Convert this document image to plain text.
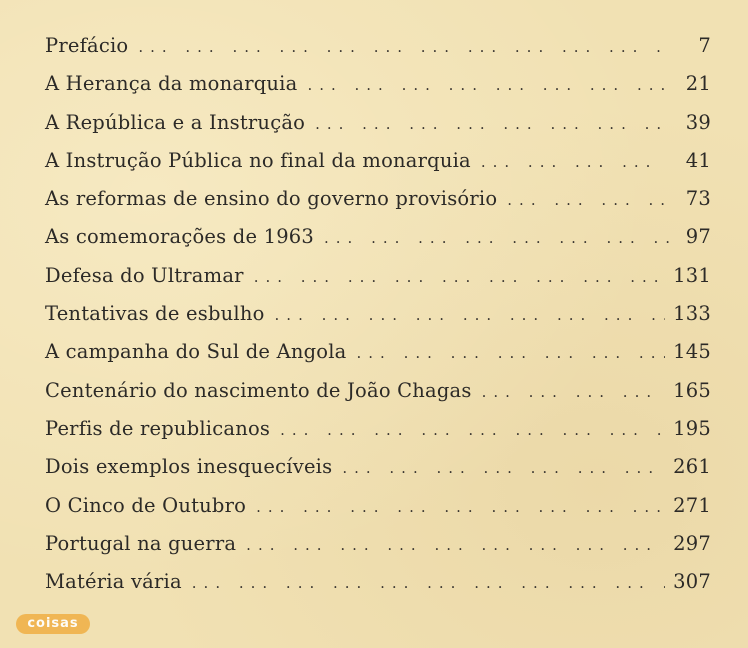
Prefácio ... .	7
A Herança da monarquia ... .	21
A República e a Instrução ... .	39
A Instrução Pública no final da monarquia ... .	41
As reformas de ensino do governo provisório ... .	73
As comemorações de 1963 ... .	97
Defesa do Ultramar ... .	131
Tentativas de esbulho ... .	133
A campanha do Sul de Angola ... .	145
Centenário do nascimento de João Chagas ... .	165
Perfis de republicanos ... .	195
Dois exemplos inesquecíveis ... .	261
O Cinco de Outubro ... .	271
Portugal na guerra ... .	297
Matéria vária ... .	307
coisas
